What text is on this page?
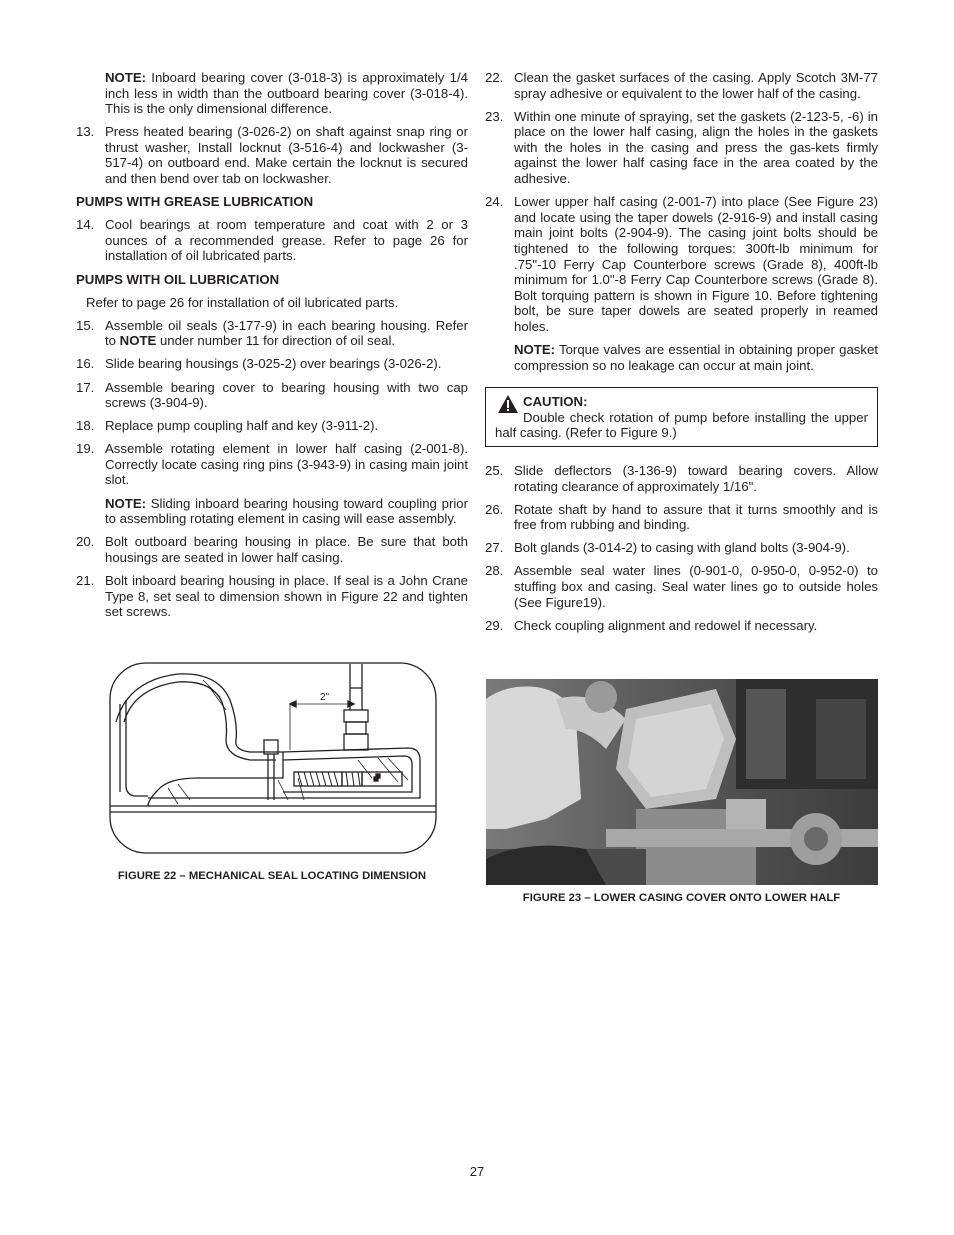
NOTE: Inboard bearing cover (3-018-3) is approximately 1/4 inch less in width than the outboard bearing cover (3-018-4). This is the only dimensional difference.
13. Press heated bearing (3-026-2) on shaft against snap ring or thrust washer, Install locknut (3-516-4) and lockwasher (3-517-4) on outboard end. Make certain the locknut is secured and then bend over tab on lockwasher.
PUMPS WITH GREASE LUBRICATION
14. Cool bearings at room temperature and coat with 2 or 3 ounces of a recommended grease. Refer to page 26 for installation of oil lubricated parts.
PUMPS WITH OIL LUBRICATION
Refer to page 26 for installation of oil lubricated parts.
15. Assemble oil seals (3-177-9) in each bearing housing. Refer to NOTE under number 11 for direction of oil seal.
16. Slide bearing housings (3-025-2) over bearings (3-026-2).
17. Assemble bearing cover to bearing housing with two cap screws (3-904-9).
18. Replace pump coupling half and key (3-911-2).
19. Assemble rotating element in lower half casing (2-001-8). Correctly locate casing ring pins (3-943-9) in casing main joint slot.
NOTE: Sliding inboard bearing housing toward coupling prior to assembling rotating element in casing will ease assembly.
20. Bolt outboard bearing housing in place. Be sure that both housings are seated in lower half casing.
21. Bolt inboard bearing housing in place. If seal is a John Crane Type 8, set seal to dimension shown in Figure 22 and tighten set screws.
2"
FIGURE 22 – MECHANICAL SEAL LOCATING DIMENSION
22. Clean the gasket surfaces of the casing. Apply Scotch 3M-77 spray adhesive or equivalent to the lower half of the casing.
23. Within one minute of spraying, set the gaskets (2-123-5, -6) in place on the lower half casing, align the holes in the gaskets with the holes in the casing and press the gas-kets firmly against the lower half casing face in the area coated by the adhesive.
24. Lower upper half casing (2-001-7) into place (See Figure 23) and locate using the taper dowels (2-916-9) and install casing main joint bolts (2-904-9). The casing joint bolts should be tightened to the following torques: 300ft-lb minimum for .75"-10 Ferry Cap Counterbore screws (Grade 8), 400ft-lb minimum for 1.0"-8 Ferry Cap Counterbore screws (Grade 8). Bolt torquing pattern is shown in Figure 10. Before tightening bolt, be sure taper dowels are seated properly in reamed holes.
NOTE: Torque valves are essential in obtaining proper gasket compression so no leakage can occur at main joint.
CAUTION:
Double check rotation of pump before installing the upper half casing. (Refer to Figure 9.)
25. Slide deflectors (3-136-9) toward bearing covers. Allow rotating clearance of approximately 1/16".
26. Rotate shaft by hand to assure that it turns smoothly and is free from rubbing and binding.
27. Bolt glands (3-014-2) to casing with gland bolts (3-904-9).
28. Assemble seal water lines (0-901-0, 0-950-0, 0-952-0) to stuffing box and casing. Seal water lines go to outside holes (See Figure19).
29. Check coupling alignment and redowel if necessary.
FIGURE 23 – LOWER CASING COVER ONTO LOWER HALF
27
